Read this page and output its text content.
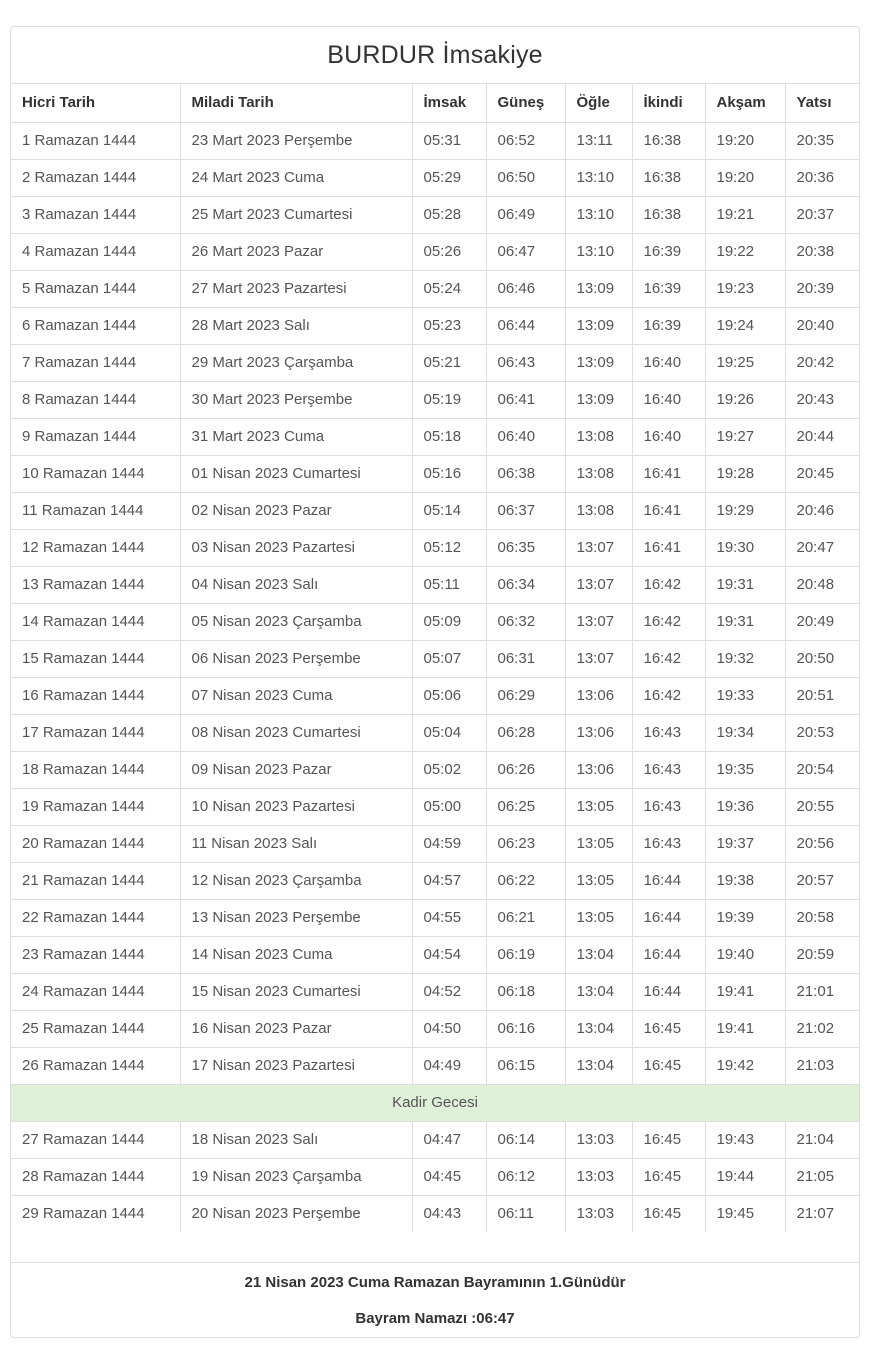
BURDUR İmsakiye
Hicri Tarih	Miladi Tarih	İmsak	Güneş	Öğle	İkindi	Akşam	Yatsı
1 Ramazan 1444	23 Mart 2023 Perşembe	05:31	06:52	13:11	16:38	19:20	20:35
2 Ramazan 1444	24 Mart 2023 Cuma	05:29	06:50	13:10	16:38	19:20	20:36
3 Ramazan 1444	25 Mart 2023 Cumartesi	05:28	06:49	13:10	16:38	19:21	20:37
4 Ramazan 1444	26 Mart 2023 Pazar	05:26	06:47	13:10	16:39	19:22	20:38
5 Ramazan 1444	27 Mart 2023 Pazartesi	05:24	06:46	13:09	16:39	19:23	20:39
6 Ramazan 1444	28 Mart 2023 Salı	05:23	06:44	13:09	16:39	19:24	20:40
7 Ramazan 1444	29 Mart 2023 Çarşamba	05:21	06:43	13:09	16:40	19:25	20:42
8 Ramazan 1444	30 Mart 2023 Perşembe	05:19	06:41	13:09	16:40	19:26	20:43
9 Ramazan 1444	31 Mart 2023 Cuma	05:18	06:40	13:08	16:40	19:27	20:44
10 Ramazan 1444	01 Nisan 2023 Cumartesi	05:16	06:38	13:08	16:41	19:28	20:45
11 Ramazan 1444	02 Nisan 2023 Pazar	05:14	06:37	13:08	16:41	19:29	20:46
12 Ramazan 1444	03 Nisan 2023 Pazartesi	05:12	06:35	13:07	16:41	19:30	20:47
13 Ramazan 1444	04 Nisan 2023 Salı	05:11	06:34	13:07	16:42	19:31	20:48
14 Ramazan 1444	05 Nisan 2023 Çarşamba	05:09	06:32	13:07	16:42	19:31	20:49
15 Ramazan 1444	06 Nisan 2023 Perşembe	05:07	06:31	13:07	16:42	19:32	20:50
16 Ramazan 1444	07 Nisan 2023 Cuma	05:06	06:29	13:06	16:42	19:33	20:51
17 Ramazan 1444	08 Nisan 2023 Cumartesi	05:04	06:28	13:06	16:43	19:34	20:53
18 Ramazan 1444	09 Nisan 2023 Pazar	05:02	06:26	13:06	16:43	19:35	20:54
19 Ramazan 1444	10 Nisan 2023 Pazartesi	05:00	06:25	13:05	16:43	19:36	20:55
20 Ramazan 1444	11 Nisan 2023 Salı	04:59	06:23	13:05	16:43	19:37	20:56
21 Ramazan 1444	12 Nisan 2023 Çarşamba	04:57	06:22	13:05	16:44	19:38	20:57
22 Ramazan 1444	13 Nisan 2023 Perşembe	04:55	06:21	13:05	16:44	19:39	20:58
23 Ramazan 1444	14 Nisan 2023 Cuma	04:54	06:19	13:04	16:44	19:40	20:59
24 Ramazan 1444	15 Nisan 2023 Cumartesi	04:52	06:18	13:04	16:44	19:41	21:01
25 Ramazan 1444	16 Nisan 2023 Pazar	04:50	06:16	13:04	16:45	19:41	21:02
26 Ramazan 1444	17 Nisan 2023 Pazartesi	04:49	06:15	13:04	16:45	19:42	21:03
Kadir Gecesi							
27 Ramazan 1444	18 Nisan 2023 Salı	04:47	06:14	13:03	16:45	19:43	21:04
28 Ramazan 1444	19 Nisan 2023 Çarşamba	04:45	06:12	13:03	16:45	19:44	21:05
29 Ramazan 1444	20 Nisan 2023 Perşembe	04:43	06:11	13:03	16:45	19:45	21:07

21 Nisan 2023 Cuma Ramazan Bayramının 1.Günüdür

Bayram Namazı :06:47
